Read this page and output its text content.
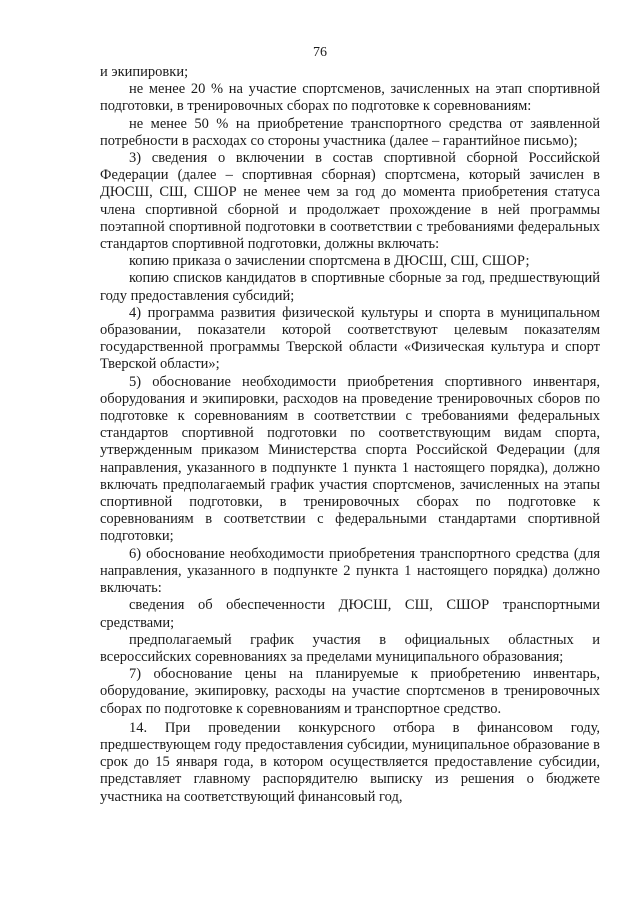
76

и экипировки;

не менее 20 % на участие спортсменов, зачисленных на этап спортивной подготовки, в тренировочных сборах по подготовке к соревнованиям:

не менее 50 % на приобретение транспортного средства от заявленной потребности в расходах со стороны участника (далее – гарантийное письмо);

3) сведения о включении в состав спортивной сборной Российской Федерации (далее – спортивная сборная) спортсмена, который зачислен в ДЮСШ, СШ, СШОР не менее чем за год до момента приобретения статуса члена спортивной сборной и продолжает прохождение в ней программы поэтапной спортивной подготовки в соответствии с требованиями федеральных стандартов спортивной подготовки, должны включать:

копию приказа о зачислении спортсмена в ДЮСШ, СШ, СШОР;

копию списков кандидатов в спортивные сборные за год, предшествующий году предоставления субсидий;

4) программа развития физической культуры и спорта в муниципальном образовании, показатели которой соответствуют целевым показателям государственной программы Тверской области «Физическая культура и спорт Тверской области»;

5) обоснование необходимости приобретения спортивного инвентаря, оборудования и экипировки, расходов на проведение тренировочных сборов по подготовке к соревнованиям в соответствии с требованиями федеральных стандартов спортивной подготовки по соответствующим видам спорта, утвержденным приказом Министерства спорта Российской Федерации (для направления, указанного в подпункте 1 пункта 1 настоящего порядка), должно включать предполагаемый график участия спортсменов, зачисленных на этапы спортивной подготовки, в тренировочных сборах по подготовке к соревнованиям в соответствии с федеральными стандартами спортивной подготовки;

6) обоснование необходимости приобретения транспортного средства (для направления, указанного в подпункте 2 пункта 1 настоящего порядка) должно включать:

сведения об обеспеченности ДЮСШ, СШ, СШОР транспортными средствами;

предполагаемый график участия в официальных областных и всероссийских соревнованиях за пределами муниципального образования;

7) обоснование цены на планируемые к приобретению инвентарь, оборудование, экипировку, расходы на участие спортсменов в тренировочных сборах по подготовке к соревнованиям и транспортное средство.

14. При проведении конкурсного отбора в финансовом году, предшествующем году предоставления субсидии, муниципальное образование в срок до 15 января года, в котором осуществляется предоставление субсидии, представляет главному распорядителю выписку из решения о бюджете участника на соответствующий финансовый год,
